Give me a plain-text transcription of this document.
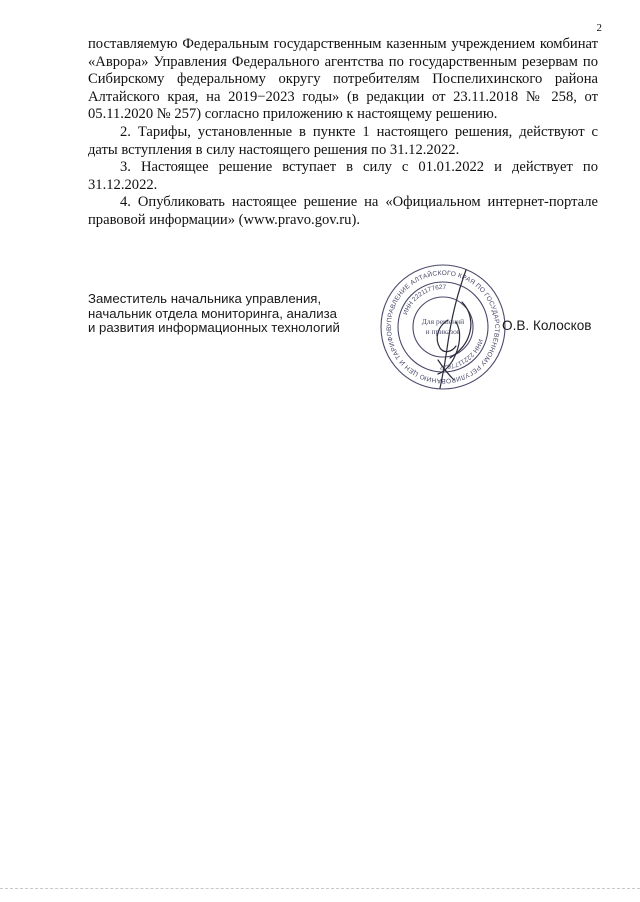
2

поставляемую Федеральным государственным казенным учреждением комбинат «Аврора» Управления Федерального агентства по государственным резервам по Сибирскому федеральному округу потребителям Поспелихинского района Алтайского края, на 2019−2023 годы» (в редакции от 23.11.2018 № 258, от 05.11.2020 № 257) согласно приложению к настоящему решению.

2. Тарифы, установленные в пункте 1 настоящего решения, действуют с даты вступления в силу настоящего решения по 31.12.2022.

3. Настоящее решение вступает в силу с 01.01.2022 и действует по 31.12.2022.

4. Опубликовать настоящее решение на «Официальном интернет-портале правовой информации» (www.pravo.gov.ru).

Заместитель начальника управления,
начальник отдела мониторинга, анализа
и развития информационных технологий	УПРАВЛЕНИЕ АЛТАЙСКОГО КРАЯ ПО ГОСУДАРСТВЕННОМУ РЕГУЛИРОВАНИЮ ЦЕН И ТАРИФОВ
ИНН 2221177627
ИНН 2221177627
Для решений
и приказов	О.В. Колосков
